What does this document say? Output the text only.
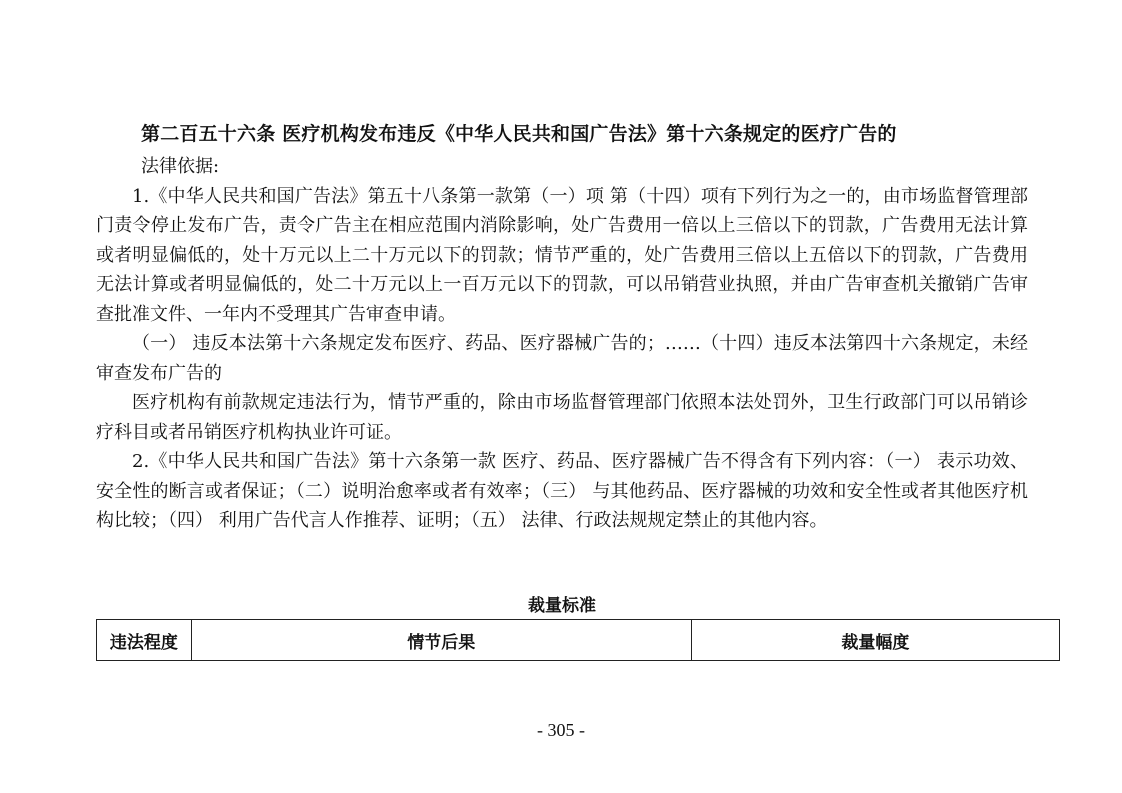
第二百五十六条 医疗机构发布违反《中华人民共和国广告法》第十六条规定的医疗广告的

法律依据:

1.《中华人民共和国广告法》第五十八条第一款第（一）项 第（十四）项有下列行为之一的，由市场监督管理部门责令停止发布广告，责令广告主在相应范围内消除影响，处广告费用一倍以上三倍以下的罚款，广告费用无法计算或者明显偏低的，处十万元以上二十万元以下的罚款；情节严重的，处广告费用三倍以上五倍以下的罚款，广告费用无法计算或者明显偏低的，处二十万元以上一百万元以下的罚款，可以吊销营业执照，并由广告审查机关撤销广告审查批准文件、一年内不受理其广告审查申请。

（一） 违反本法第十六条规定发布医疗、药品、医疗器械广告的；……（十四）违反本法第四十六条规定，未经审查发布广告的

医疗机构有前款规定违法行为，情节严重的，除由市场监督管理部门依照本法处罚外，卫生行政部门可以吊销诊疗科目或者吊销医疗机构执业许可证。

2.《中华人民共和国广告法》第十六条第一款 医疗、药品、医疗器械广告不得含有下列内容：（一） 表示功效、安全性的断言或者保证；（二）说明治愈率或者有效率；（三） 与其他药品、医疗器械的功效和安全性或者其他医疗机构比较；（四） 利用广告代言人作推荐、证明；（五） 法律、行政法规规定禁止的其他内容。

裁量标准
违法程度	情节后果	裁量幅度
- 305 -
